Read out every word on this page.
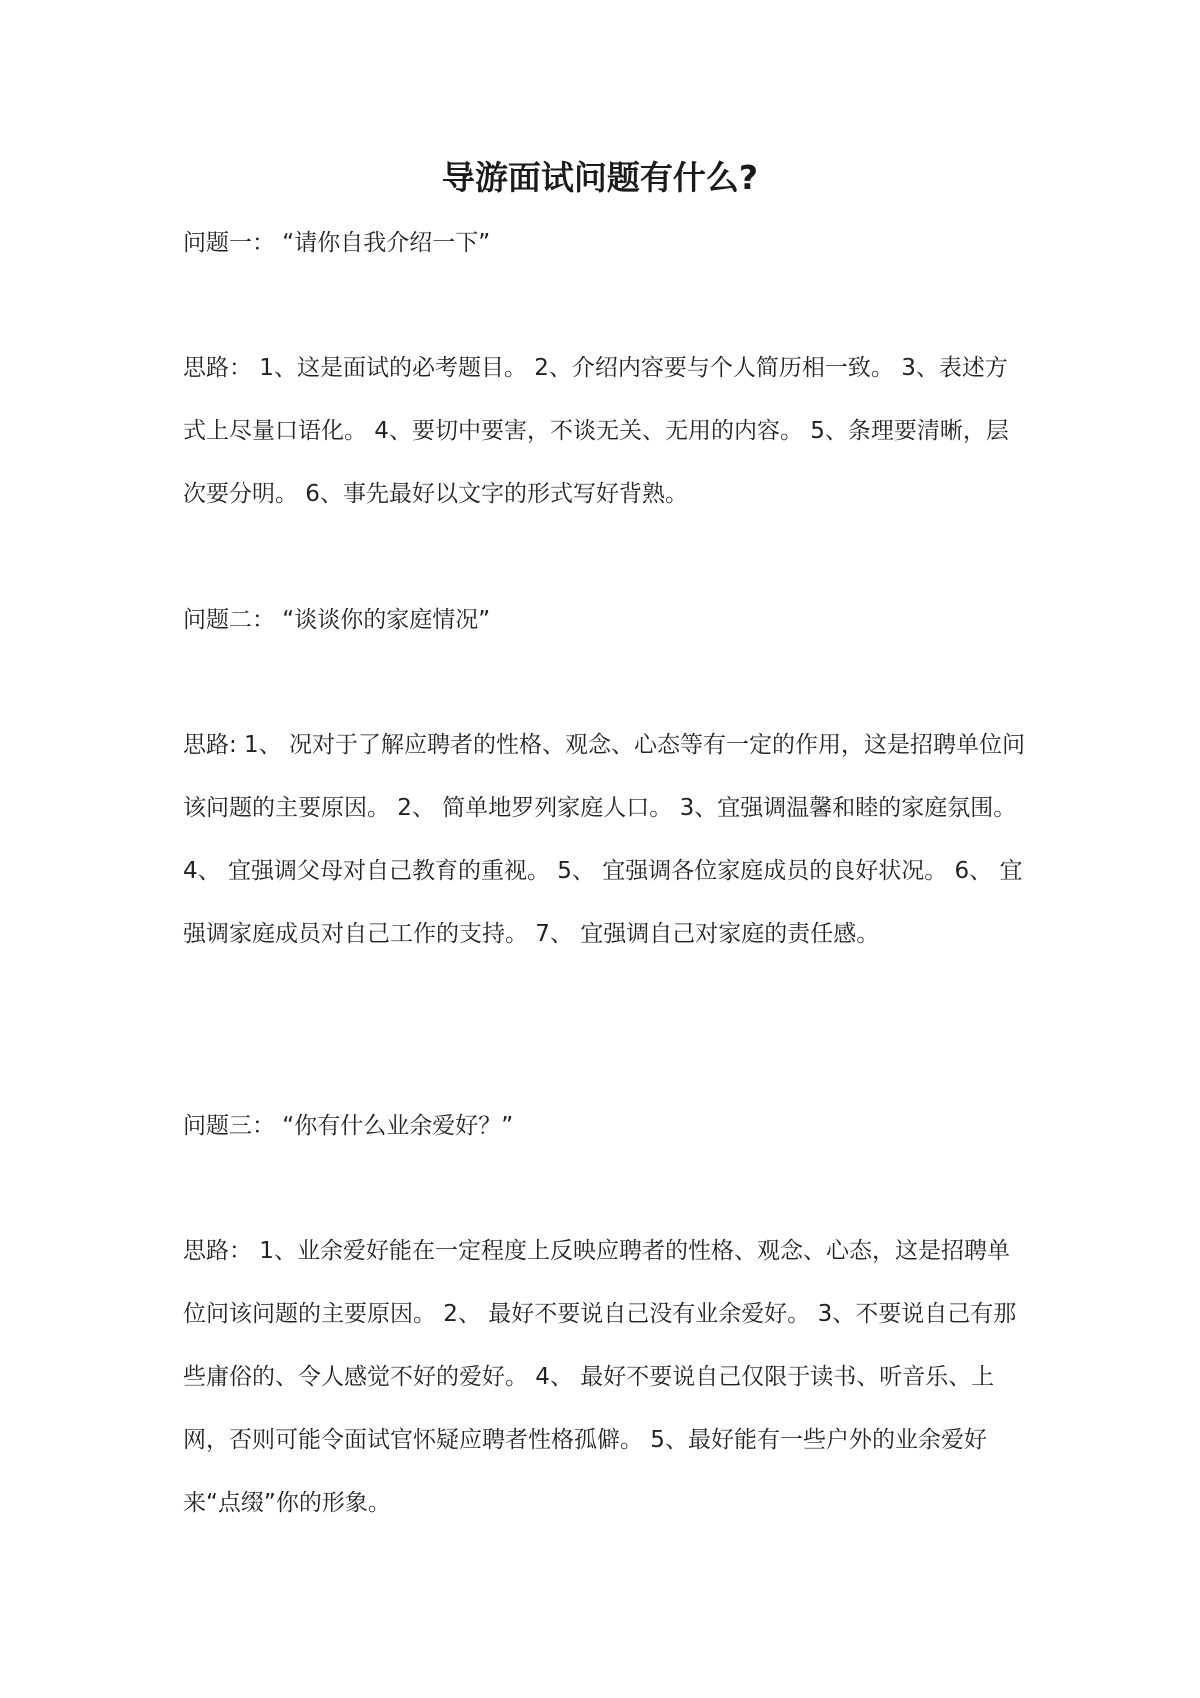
导游面试问题有什么?

问题一： “请你自我介绍一下”

思路： 1、这是面试的必考题目。 2、介绍内容要与个人简历相一致。 3、表述方式上尽量口语化。 4、要切中要害，不谈无关、无用的内容。 5、条理要清晰，层次要分明。 6、事先最好以文字的形式写好背熟。

问题二： “谈谈你的家庭情况”

思路: 1、 况对于了解应聘者的性格、观念、心态等有一定的作用，这是招聘单位问该问题的主要原因。 2、 简单地罗列家庭人口。 3、宜强调温馨和睦的家庭氛围。 4、 宜强调父母对自己教育的重视。 5、 宜强调各位家庭成员的良好状况。 6、 宜强调家庭成员对自己工作的支持。 7、 宜强调自己对家庭的责任感。

问题三： “你有什么业余爱好？”

思路： 1、业余爱好能在一定程度上反映应聘者的性格、观念、心态，这是招聘单位问该问题的主要原因。 2、 最好不要说自己没有业余爱好。 3、不要说自己有那些庸俗的、令人感觉不好的爱好。 4、 最好不要说自己仅限于读书、听音乐、上网，否则可能令面试官怀疑应聘者性格孤僻。 5、最好能有一些户外的业余爱好来“点缀”你的形象。
